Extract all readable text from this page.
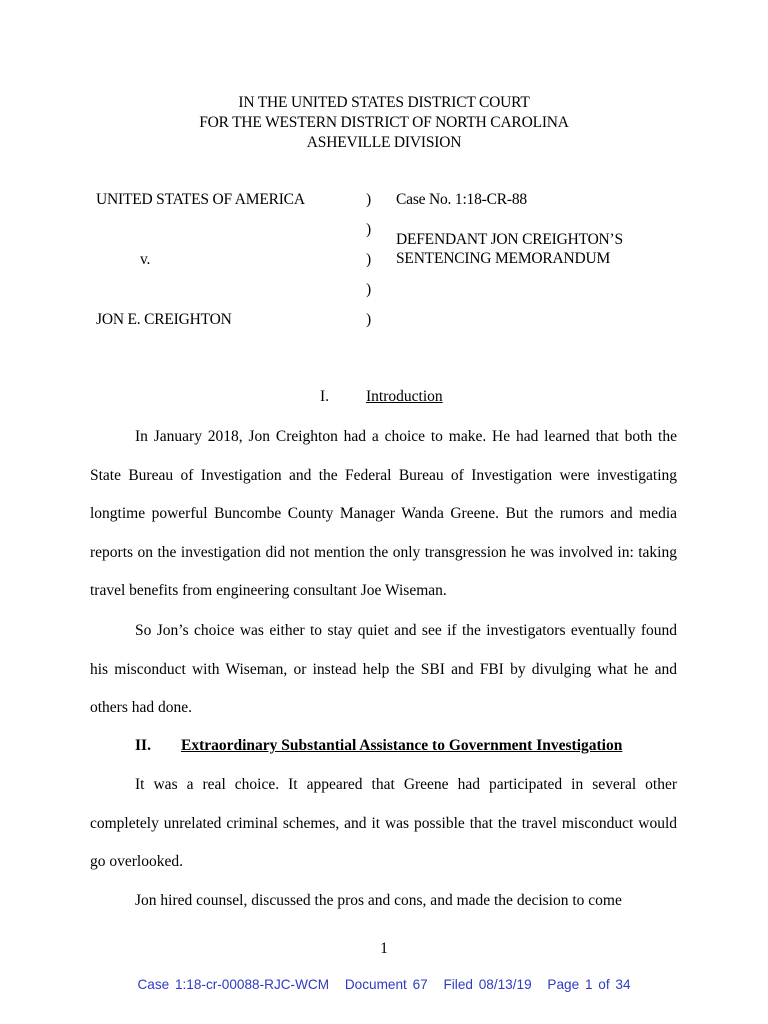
IN THE UNITED STATES DISTRICT COURT
FOR THE WESTERN DISTRICT OF NORTH CAROLINA
ASHEVILLE DIVISION
UNITED STATES OF AMERICA
v.
JON E. CREIGHTON
)
)
)
)
)
Case No. 1:18-CR-88
DEFENDANT JON CREIGHTON’S
SENTENCING MEMORANDUM
I. Introduction

In January 2018, Jon Creighton had a choice to make. He had learned that both the State Bureau of Investigation and the Federal Bureau of Investigation were investigating longtime powerful Buncombe County Manager Wanda Greene. But the rumors and media reports on the investigation did not mention the only transgression he was involved in: taking travel benefits from engineering consultant Joe Wiseman.

So Jon’s choice was either to stay quiet and see if the investigators eventually found his misconduct with Wiseman, or instead help the SBI and FBI by divulging what he and others had done.

II. Extraordinary Substantial Assistance to Government Investigation

It was a real choice. It appeared that Greene had participated in several other completely unrelated criminal schemes, and it was possible that the travel misconduct would go overlooked.

Jon hired counsel, discussed the pros and cons, and made the decision to come

1
Case 1:18-cr-00088-RJC-WCM Document 67 Filed 08/13/19 Page 1 of 34
